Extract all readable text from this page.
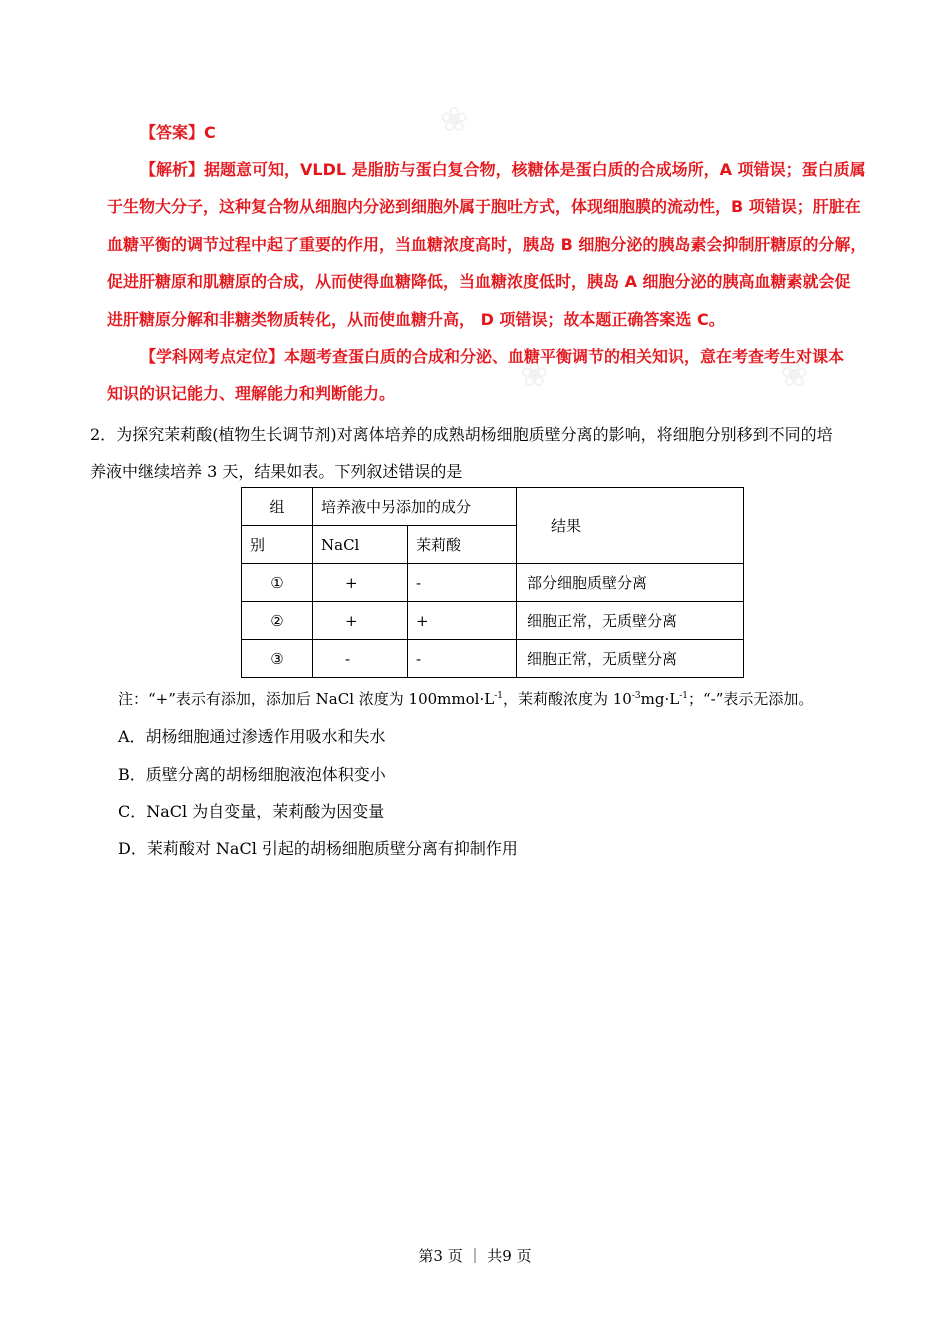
❀
❀	❀
【答案】C
【解析】据题意可知，VLDL 是脂肪与蛋白复合物，核糖体是蛋白质的合成场所，A 项错误；蛋白质属
于生物大分子，这种复合物从细胞内分泌到细胞外属于胞吐方式，体现细胞膜的流动性，B 项错误；肝脏在
血糖平衡的调节过程中起了重要的作用，当血糖浓度高时，胰岛 B 细胞分泌的胰岛素会抑制肝糖原的分解，
促进肝糖原和肌糖原的合成，从而使得血糖降低，当血糖浓度低时，胰岛 A 细胞分泌的胰高血糖素就会促
进肝糖原分解和非糖类物质转化，从而使血糖升高， D 项错误；故本题正确答案选 C。
【学科网考点定位】本题考查蛋白质的合成和分泌、血糖平衡调节的相关知识，意在考查考生对课本
知识的识记能力、理解能力和判断能力。
2．为探究茉莉酸(植物生长调节剂)对离体培养的成熟胡杨细胞质壁分离的影响，将细胞分别移到不同的培
养液中继续培养 3 天，结果如表。下列叙述错误的是
组	培养液中另添加的成分		结果
别	NaCl	茉莉酸	
①	+	-	部分细胞质壁分离
②	+	+	细胞正常，无质壁分离
③	-	-	细胞正常，无质壁分离
注：“+”表示有添加，添加后 NaCl 浓度为 $100mmol\cdot L^{-1}$，茉莉酸浓度为 $10^{-3}mg\cdot L^{-1}$；“-”表示无添加。
A．胡杨细胞通过渗透作用吸水和失水
B．质壁分离的胡杨细胞液泡体积变小
C．NaCl 为自变量，茉莉酸为因变量
D．茉莉酸对 NaCl 引起的胡杨细胞质壁分离有抑制作用
第3 页 ｜ 共9 页
